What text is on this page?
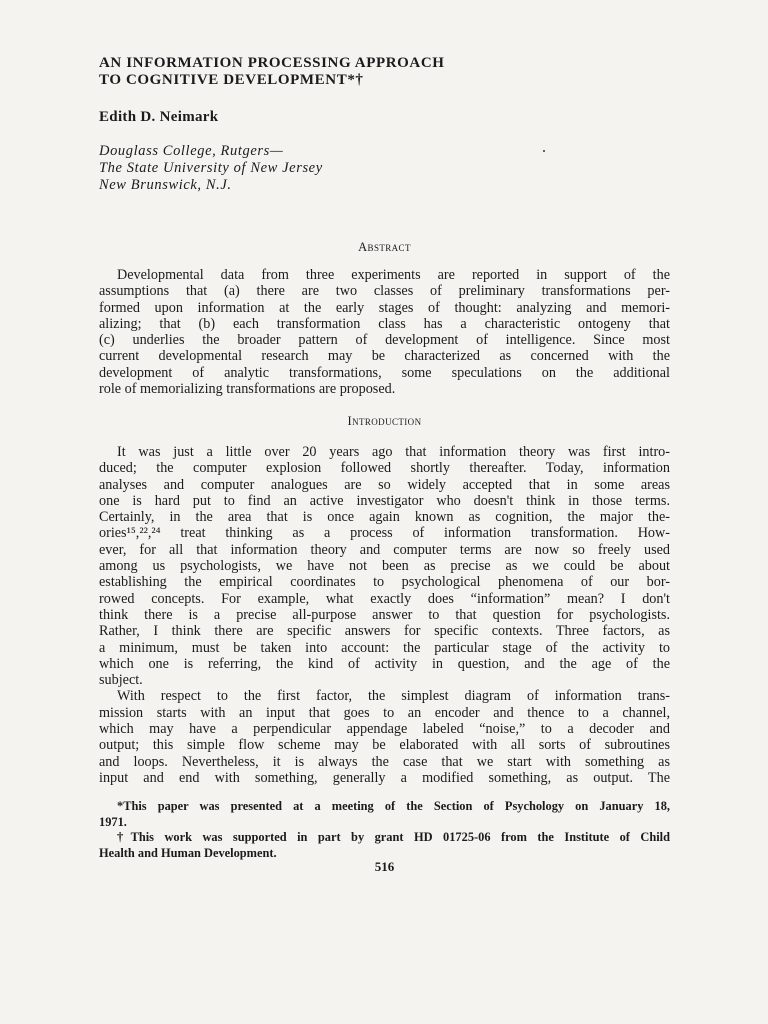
AN INFORMATION PROCESSING APPROACH
TO COGNITIVE DEVELOPMENT*†
Edith D. Neimark
Douglass College, Rutgers—
The State University of New Jersey
New Brunswick, N.J.
Abstract
Developmental data from three experiments are reported in support of the
assumptions that (a) there are two classes of preliminary transformations per-
formed upon information at the early stages of thought: analyzing and memori-
alizing; that (b) each transformation class has a characteristic ontogeny that
(c) underlies the broader pattern of development of intelligence. Since most
current developmental research may be characterized as concerned with the
development of analytic transformations, some speculations on the additional
role of memorializing transformations are proposed.
Introduction
It was just a little over 20 years ago that information theory was first intro-
duced; the computer explosion followed shortly thereafter. Today, information
analyses and computer analogues are so widely accepted that in some areas
one is hard put to find an active investigator who doesn't think in those terms.
Certainly, in the area that is once again known as cognition, the major the-
ories¹⁵,²²,²⁴ treat thinking as a process of information transformation. How-
ever, for all that information theory and computer terms are now so freely used
among us psychologists, we have not been as precise as we could be about
establishing the empirical coordinates to psychological phenomena of our bor-
rowed concepts. For example, what exactly does “information” mean? I don't
think there is a precise all-purpose answer to that question for psychologists.
Rather, I think there are specific answers for specific contexts. Three factors, as
a minimum, must be taken into account: the particular stage of the activity to
which one is referring, the kind of activity in question, and the age of the
subject.
With respect to the first factor, the simplest diagram of information trans-
mission starts with an input that goes to an encoder and thence to a channel,
which may have a perpendicular appendage labeled “noise,” to a decoder and
output; this simple flow scheme may be elaborated with all sorts of subroutines
and loops. Nevertheless, it is always the case that we start with something as
input and end with something, generally a modified something, as output. The
*This paper was presented at a meeting of the Section of Psychology on January 18,
1971.
†This work was supported in part by grant HD 01725-06 from the Institute of Child
Health and Human Development.
516
